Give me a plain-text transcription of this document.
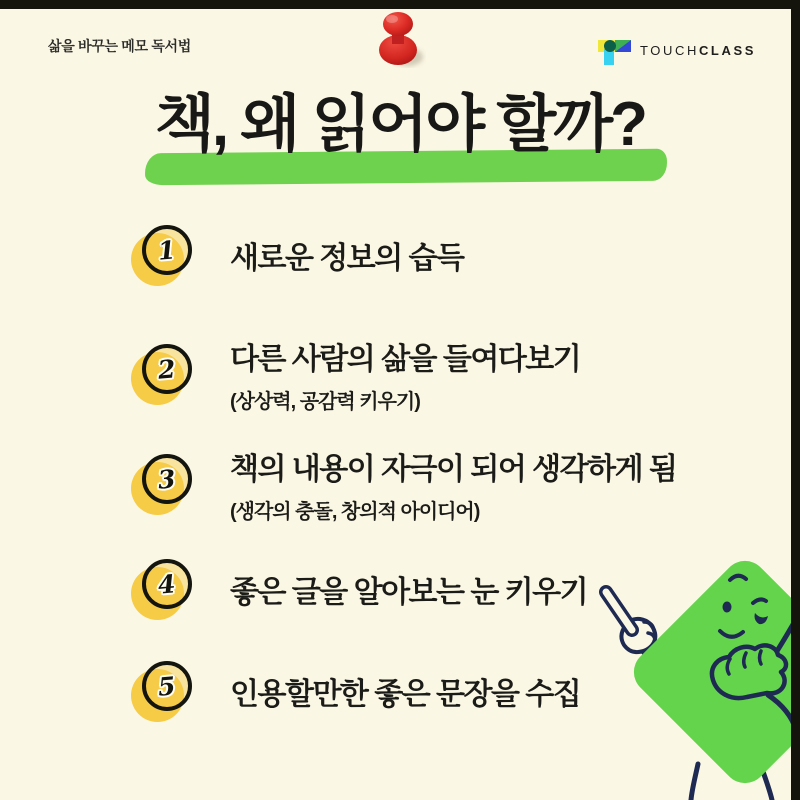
삶을 바꾸는 메모 독서법	TOUCHCLASS
책, 왜 읽어야 할까?
1 새로운 정보의 습득
2 다른 사람의 삶을 들여다보기
(상상력, 공감력 키우기)
3 책의 내용이 자극이 되어 생각하게 됨
(생각의 충돌, 창의적 아이디어)
4 좋은 글을 알아보는 눈 키우기
5 인용할만한 좋은 문장을 수집
